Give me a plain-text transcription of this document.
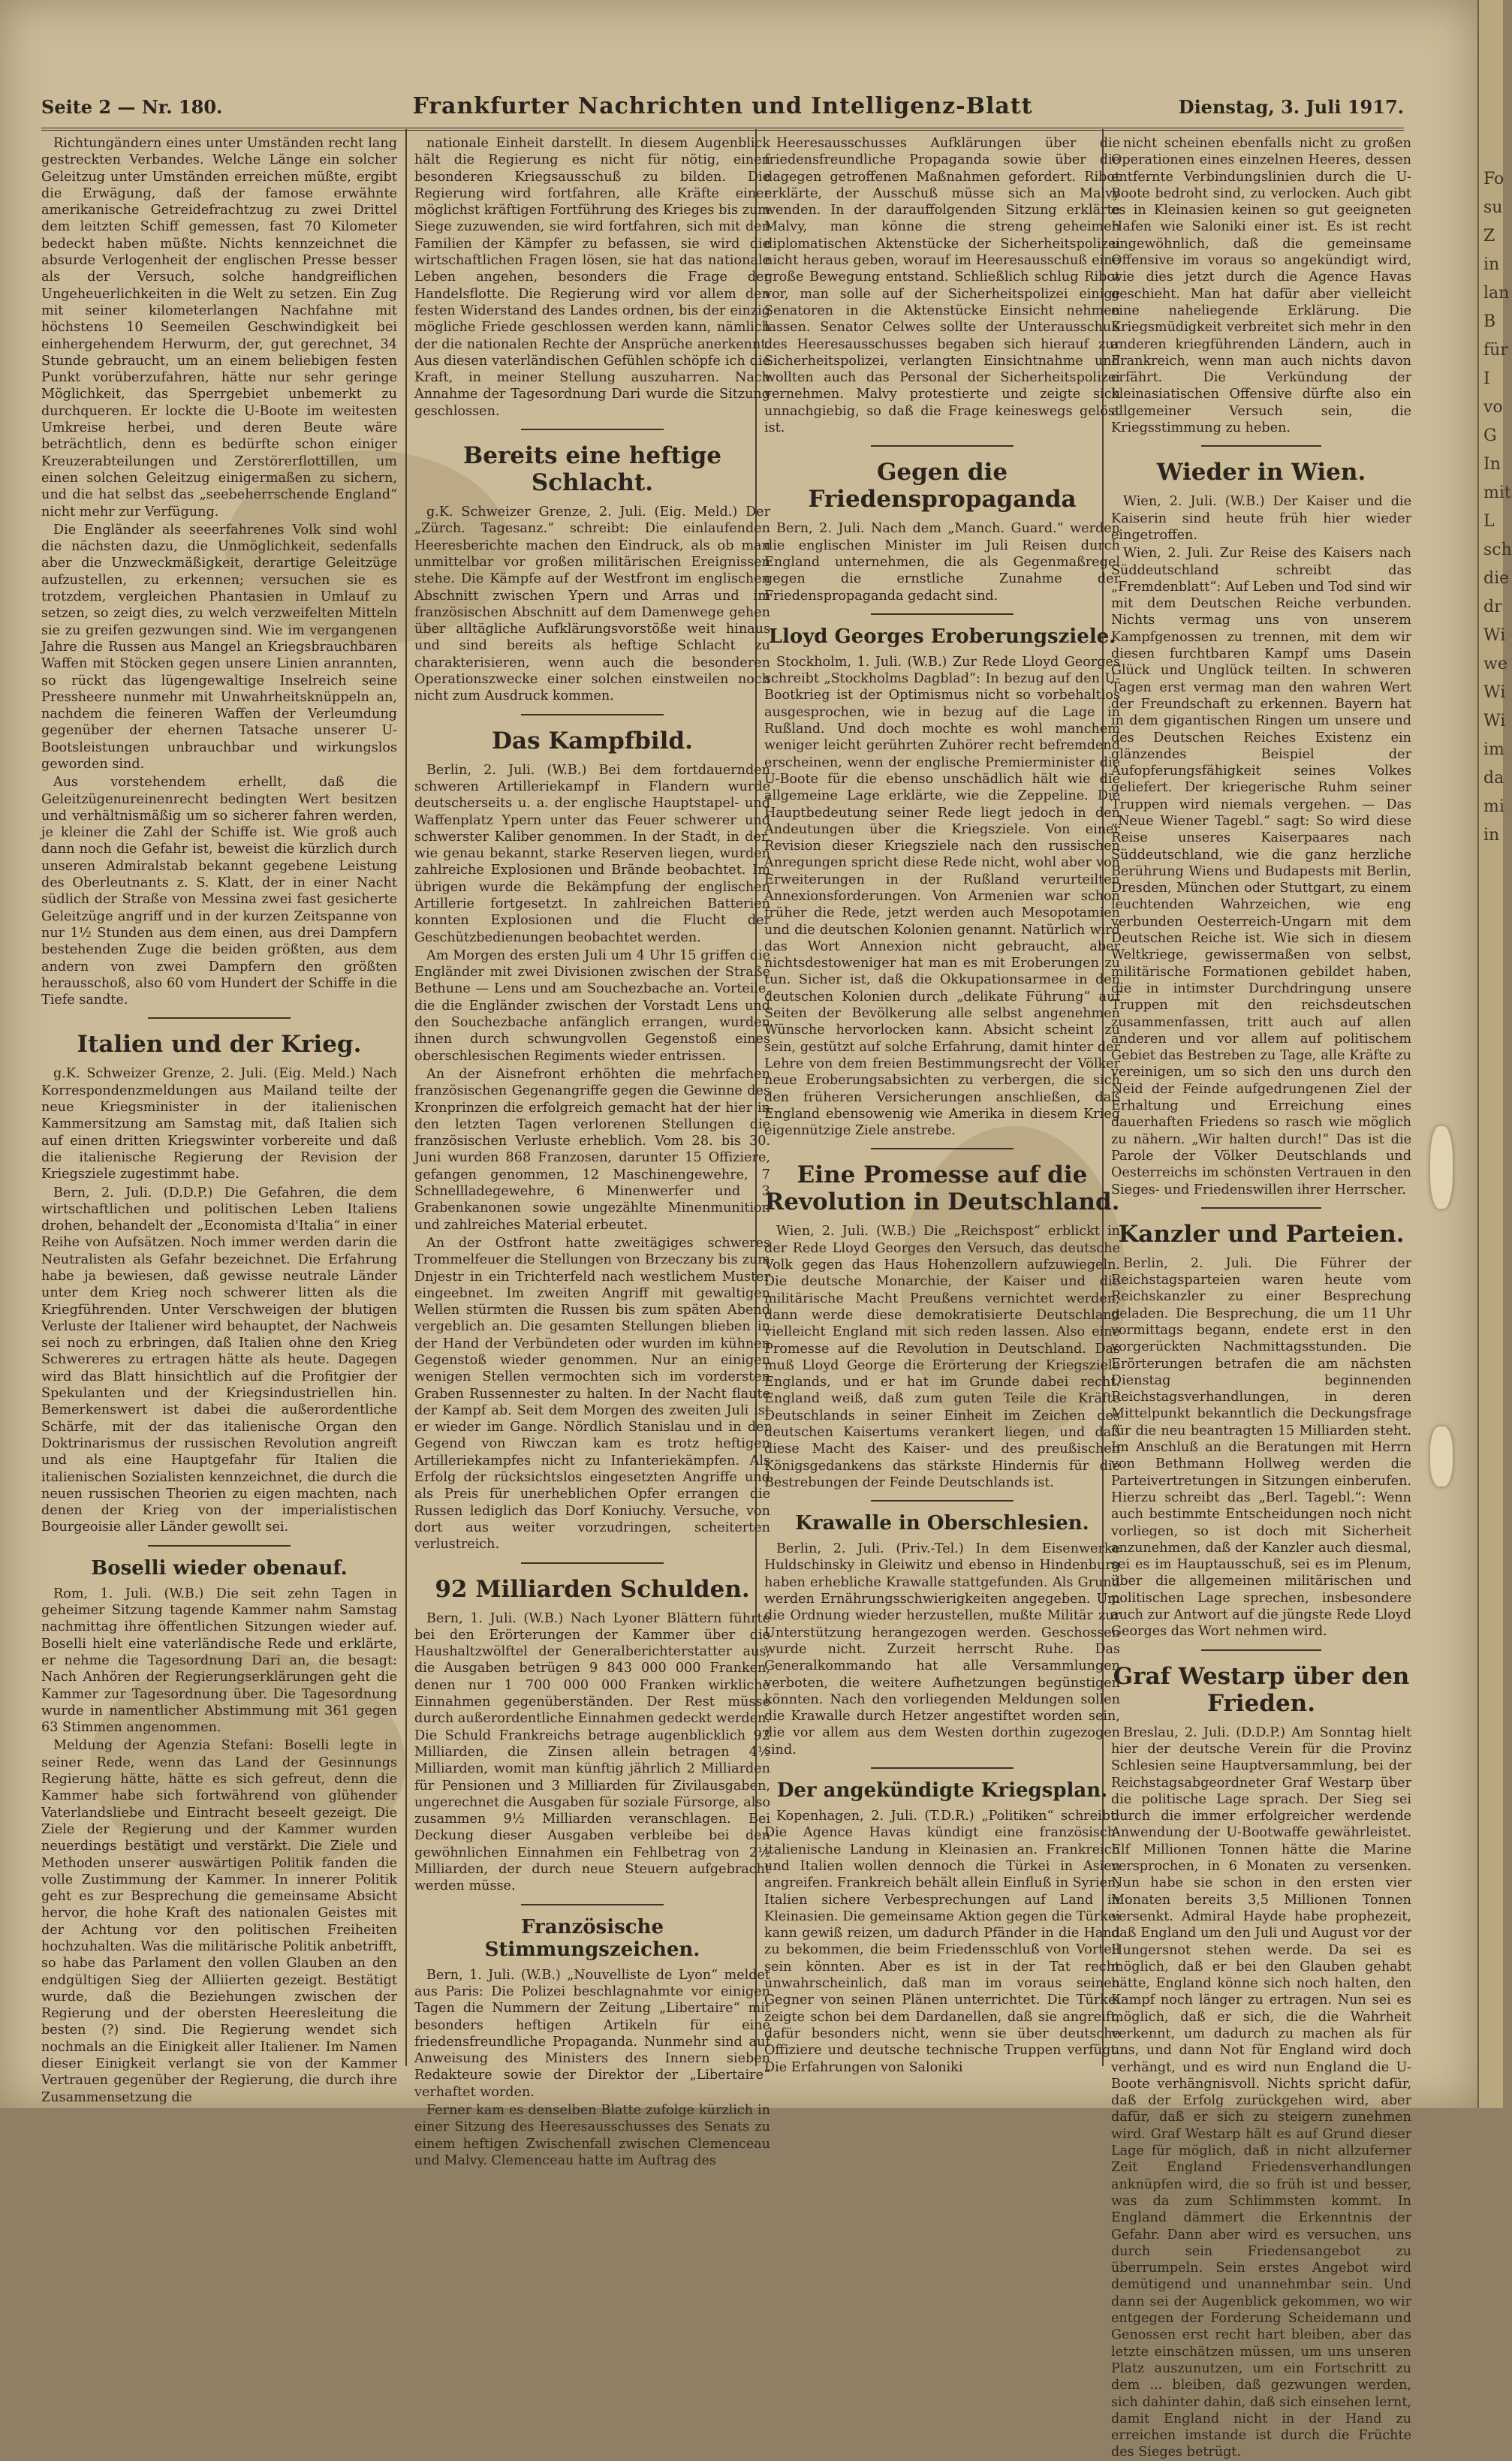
Seite 2 — Nr. 180.	Frankfurter Nachrichten und Intelligenz-Blatt	Dienstag, 3. Juli 1917.

Richtungändern eines unter Umständen recht lang gestreckten Verbandes. Welche Länge ein solcher Geleitzug unter Umständen erreichen müßte, ergibt die Erwägung, daß der famose erwähnte amerikanische Getreidefrachtzug zu zwei Drittel dem leitzten Schiff gemessen, fast 70 Kilometer bedeckt haben müßte. Nichts kennzeichnet die absurde Verlogenheit der englischen Presse besser als der Versuch, solche handgreiflichen Ungeheuerlichkeiten in die Welt zu setzen. Ein Zug mit seiner kilometerlangen Nachfahne mit höchstens 10 Seemeilen Geschwindigkeit bei einhergehendem Herwurm, der, gut gerechnet, 34 Stunde gebraucht, um an einem beliebigen festen Punkt vorüberzufahren, hätte nur sehr geringe Möglichkeit, das Sperrgebiet unbemerkt zu durchqueren. Er lockte die U-Boote im weitesten Umkreise herbei, und deren Beute wäre beträchtlich, denn es bedürfte schon einiger Kreuzerabteilungen und Zerstörerflottillen, um einen solchen Geleitzug einigermaßen zu sichern, und die hat selbst das „seebeherrschende England“ nicht mehr zur Verfügung.

Die Engländer als seeerfahrenes Volk sind wohl die nächsten dazu, die Unmöglichkeit, sedenfalls aber die Unzweckmäßigkeit, derartige Geleitzüge aufzustellen, zu erkennen; versuchen sie es trotzdem, vergleichen Phantasien in Umlauf zu setzen, so zeigt dies, zu welch verzweifelten Mitteln sie zu greifen gezwungen sind. Wie im vergangenen Jahre die Russen aus Mangel an Kriegsbrauchbaren Waffen mit Stöcken gegen unsere Linien anrannten, so rückt das lügengewaltige Inselreich seine Pressheere nunmehr mit Unwahrheitsknüppeln an, nachdem die feineren Waffen der Verleumdung gegenüber der ehernen Tatsache unserer U-Bootsleistungen unbrauchbar und wirkungslos geworden sind.

Aus vorstehendem erhellt, daß die Geleitzügenureinenrecht bedingten Wert besitzen und verhältnismäßig um so sicherer fahren werden, je kleiner die Zahl der Schiffe ist. Wie groß auch dann noch die Gefahr ist, beweist die kürzlich durch unseren Admiralstab bekannt gegebene Leistung des Oberleutnants z. S. Klatt, der in einer Nacht südlich der Straße von Messina zwei fast gesicherte Geleitzüge angriff und in der kurzen Zeitspanne von nur 1½ Stunden aus dem einen, aus drei Dampfern bestehenden Zuge die beiden größten, aus dem andern von zwei Dampfern den größten herausschoß, also 60 vom Hundert der Schiffe in die Tiefe sandte.

Italien und der Krieg.

g.K. Schweizer Grenze, 2. Juli. (Eig. Meld.) Nach Korrespondenzmeldungen aus Mailand teilte der neue Kriegsminister in der italienischen Kammersitzung am Samstag mit, daß Italien sich auf einen dritten Kriegswinter vorbereite und daß die italienische Regierung der Revision der Kriegsziele zugestimmt habe.

Bern, 2. Juli. (D.D.P.) Die Gefahren, die dem wirtschaftlichen und politischen Leben Italiens drohen, behandelt der „Economista d'Italia“ in einer Reihe von Aufsätzen. Noch immer werden darin die Neutralisten als Gefahr bezeichnet. Die Erfahrung habe ja bewiesen, daß gewisse neutrale Länder unter dem Krieg noch schwerer litten als die Kriegführenden. Unter Verschweigen der blutigen Verluste der Italiener wird behauptet, der Nachweis sei noch zu erbringen, daß Italien ohne den Krieg Schwereres zu ertragen hätte als heute. Dagegen wird das Blatt hinsichtlich auf die Profitgier der Spekulanten und der Kriegsindustriellen hin. Bemerkenswert ist dabei die außerordentliche Schärfe, mit der das italienische Organ den Doktrinarismus der russischen Revolution angreift und als eine Hauptgefahr für Italien die italienischen Sozialisten kennzeichnet, die durch die neuen russischen Theorien zu eigen machten, nach denen der Krieg von der imperialistischen Bourgeoisie aller Länder gewollt sei.

Boselli wieder obenauf.

Rom, 1. Juli. (W.B.) Die seit zehn Tagen in geheimer Sitzung tagende Kammer nahm Samstag nachmittag ihre öffentlichen Sitzungen wieder auf. Boselli hielt eine vaterländische Rede und erklärte, er nehme die Tagesordnung Dari an, die besagt: Nach Anhören der Regierungserklärungen geht die Kammer zur Tagesordnung über. Die Tagesordnung wurde in namentlicher Abstimmung mit 361 gegen 63 Stimmen angenommen.

Meldung der Agenzia Stefani: Boselli legte in seiner Rede, wenn das Land der Gesinnungs Regierung hätte, hätte es sich gefreut, denn die Kammer habe sich fortwährend von glühender Vaterlandsliebe und Eintracht beseelt gezeigt. Die Ziele der Regierung und der Kammer wurden neuerdings bestätigt und verstärkt. Die Ziele und Methoden unserer auswärtigen Politik fanden die volle Zustimmung der Kammer. In innerer Politik geht es zur Besprechung die gemeinsame Absicht hervor, die hohe Kraft des nationalen Geistes mit der Achtung vor den politischen Freiheiten hochzuhalten. Was die militärische Politik anbetrifft, so habe das Parlament den vollen Glauben an den endgültigen Sieg der Alliierten gezeigt. Bestätigt wurde, daß die Beziehungen zwischen der Regierung und der obersten Heeresleitung die besten (?) sind. Die Regierung wendet sich nochmals an die Einigkeit aller Italiener. Im Namen dieser Einigkeit verlangt sie von der Kammer Vertrauen gegenüber der Regierung, die durch ihre Zusammensetzung die

nationale Einheit darstellt. In diesem Augenblick hält die Regierung es nicht für nötig, einen besonderen Kriegsausschuß zu bilden. Die Regierung wird fortfahren, alle Kräfte einer möglichst kräftigen Fortführung des Krieges bis zum Siege zuzuwenden, sie wird fortfahren, sich mit den Familien der Kämpfer zu befassen, sie wird die wirtschaftlichen Fragen lösen, sie hat das nationale Leben angehen, besonders die Frage der Handelsflotte. Die Regierung wird vor allem den festen Widerstand des Landes ordnen, bis der einzig mögliche Friede geschlossen werden kann, nämlich der die nationalen Rechte der Ansprüche anerkennt. Aus diesen vaterländischen Gefühlen schöpfe ich die Kraft, in meiner Stellung auszuharren. Nach Annahme der Tagesordnung Dari wurde die Sitzung geschlossen.

Bereits eine heftige Schlacht.

g.K. Schweizer Grenze, 2. Juli. (Eig. Meld.) Der „Zürch. Tagesanz.“ schreibt: Die einlaufenden Heeresberichte machen den Eindruck, als ob man unmittelbar vor großen militärischen Ereignissen stehe. Die Kämpfe auf der Westfront im englischen Abschnitt zwischen Ypern und Arras und im französischen Abschnitt auf dem Damenwege gehen über alltägliche Aufklärungsvorstöße weit hinaus und sind bereits als heftige Schlacht zu charakterisieren, wenn auch die besonderen Operationszwecke einer solchen einstweilen noch nicht zum Ausdruck kommen.

Das Kampfbild.

Berlin, 2. Juli. (W.B.) Bei dem fortdauernden schweren Artilleriekampf in Flandern wurde deutscherseits u. a. der englische Hauptstapel- und Waffenplatz Ypern unter das Feuer schwerer und schwerster Kaliber genommen. In der Stadt, in der, wie genau bekannt, starke Reserven liegen, wurden zahlreiche Explosionen und Brände beobachtet. Im übrigen wurde die Bekämpfung der englischen Artillerie fortgesetzt. In zahlreichen Batterien konnten Explosionen und die Flucht der Geschützbedienungen beobachtet werden.

Am Morgen des ersten Juli um 4 Uhr 15 griffen die Engländer mit zwei Divisionen zwischen der Straße Bethune — Lens und am Souchezbache an. Vorteile, die die Engländer zwischen der Vorstadt Lens und den Souchezbache anfänglich errangen, wurden ihnen durch schwungvollen Gegenstoß eines oberschlesischen Regiments wieder entrissen.

An der Aisnefront erhöhten die mehrfachen französischen Gegenangriffe gegen die Gewinne des Kronprinzen die erfolgreich gemacht hat der hier in den letzten Tagen verlorenen Stellungen die französischen Verluste erheblich. Vom 28. bis 30. Juni wurden 868 Franzosen, darunter 15 Offiziere, gefangen genommen, 12 Maschinengewehre, 7 Schnellladegewehre, 6 Minenwerfer und 3 Grabenkanonen sowie ungezählte Minenmunition und zahlreiches Material erbeutet.

An der Ostfront hatte zweitägiges schweres Trommelfeuer die Stellungen von Brzeczany bis zum Dnjestr in ein Trichterfeld nach westlichem Muster eingeebnet. Im zweiten Angriff mit gewaltigen Wellen stürmten die Russen bis zum späten Abend vergeblich an. Die gesamten Stellungen blieben in der Hand der Verbündeten oder wurden im kühnen Gegenstoß wieder genommen. Nur an einigen wenigen Stellen vermochten sich im vordersten Graben Russennester zu halten. In der Nacht flaute der Kampf ab. Seit dem Morgen des zweiten Juli ist er wieder im Gange. Nördlich Stanislau und in der Gegend von Riwczan kam es trotz heftigen Artilleriekampfes nicht zu Infanteriekämpfen. Als Erfolg der rücksichtslos eingesetzten Angriffe und als Preis für unerheblichen Opfer errangen die Russen lediglich das Dorf Koniuchy. Versuche, von dort aus weiter vorzudringen, scheiterten verlustreich.

92 Milliarden Schulden.

Bern, 1. Juli. (W.B.) Nach Lyoner Blättern führte bei den Erörterungen der Kammer über die Haushaltzwölftel der Generalberichterstatter aus, die Ausgaben betrügen 9 843 000 000 Franken, denen nur 1 700 000 000 Franken wirkliche Einnahmen gegenüberständen. Der Rest müsse durch außerordentliche Einnahmen gedeckt werden. Die Schuld Frankreichs betrage augenblicklich 92 Milliarden, die Zinsen allein betragen 4½ Milliarden, womit man künftig jährlich 2 Milliarden für Pensionen und 3 Milliarden für Zivilausgaben, ungerechnet die Ausgaben für soziale Fürsorge, also zusammen 9½ Milliarden veranschlagen. Bei Deckung dieser Ausgaben verbleibe bei den gewöhnlichen Einnahmen ein Fehlbetrag von 2½ Milliarden, der durch neue Steuern aufgebracht werden müsse.

Französische Stimmungszeichen.

Bern, 1. Juli. (W.B.) „Nouvelliste de Lyon“ meldet aus Paris: Die Polizei beschlagnahmte vor einigen Tagen die Nummern der Zeitung „Libertaire“ mit besonders heftigen Artikeln für eine friedensfreundliche Propaganda. Nunmehr sind auf Anweisung des Ministers des Innern sieben Redakteure sowie der Direktor der „Libertaire“ verhaftet worden.

Ferner kam es denselben Blatte zufolge kürzlich in einer Sitzung des Heeresausschusses des Senats zu einem heftigen Zwischenfall zwischen Clemenceau und Malvy. Clemenceau hatte im Auftrag des

Heeresausschusses Aufklärungen über die friedensfreundliche Propaganda sowie über die dagegen getroffenen Maßnahmen gefordert. Ribot erklärte, der Ausschuß müsse sich an Malvy wenden. In der darauffolgenden Sitzung erklärte Malvy, man könne die streng geheimen diplomatischen Aktenstücke der Sicherheitspolizei nicht heraus geben, worauf im Heeresausschuß eine große Bewegung entstand. Schließlich schlug Ribot vor, man solle auf der Sicherheitspolizei einige Senatoren in die Aktenstücke Einsicht nehmen lassen. Senator Celwes sollte der Unterausschuß des Heeresausschusses begaben sich hierauf zur Sicherheitspolizei, verlangten Einsichtnahme und wollten auch das Personal der Sicherheitspolizei vernehmen. Malvy protestierte und zeigte sich unnachgiebig, so daß die Frage keineswegs gelöst ist.

Gegen die Friedenspropaganda

Bern, 2. Juli. Nach dem „Manch. Guard.“ werden die englischen Minister im Juli Reisen durch England unternehmen, die als Gegenmaßregel gegen die ernstliche Zunahme der Friedenspropaganda gedacht sind.

Lloyd Georges Eroberungsziele.

Stockholm, 1. Juli. (W.B.) Zur Rede Lloyd Georges schreibt „Stockholms Dagblad“: In bezug auf den U-Bootkrieg ist der Optimismus nicht so vorbehaltlos ausgesprochen, wie in bezug auf die Lage in Rußland. Und doch mochte es wohl manchem weniger leicht gerührten Zuhörer recht befremdend erscheinen, wenn der englische Premierminister die U-Boote für die ebenso unschädlich hält wie die allgemeine Lage erklärte, wie die Zeppeline. Die Hauptbedeutung seiner Rede liegt jedoch in den Andeutungen über die Kriegsziele. Von einer Revision dieser Kriegsziele nach den russischen Anregungen spricht diese Rede nicht, wohl aber von Erweiterungen in der Rußland verurteilten Annexionsforderungen. Von Armenien war schon früher die Rede, jetzt werden auch Mesopotamien und die deutschen Kolonien genannt. Natürlich wird das Wort Annexion nicht gebraucht, aber nichtsdestoweniger hat man es mit Eroberungen zu tun. Sicher ist, daß die Okkupationsarmee in den deutschen Kolonien durch „delikate Führung“ auf Seiten der Bevölkerung alle selbst angenehmen Wünsche hervorlocken kann. Absicht scheint zu sein, gestützt auf solche Erfahrung, damit hinter der Lehre von dem freien Bestimmungsrecht der Völker neue Eroberungsabsichten zu verbergen, die sich den früheren Versicherungen anschließen, daß England ebensowenig wie Amerika in diesem Krieg eigennützige Ziele anstrebe.

Eine Promesse auf die Revolution in Deutschland.

Wien, 2. Juli. (W.B.) Die „Reichspost“ erblickt in der Rede Lloyd Georges den Versuch, das deutsche Volk gegen das Haus Hohenzollern aufzuwiegeln. Die deutsche Monarchie, der Kaiser und die militärische Macht Preußens vernichtet werden; dann werde diese demokratisierte Deutschland vielleicht England mit sich reden lassen. Also eine Promesse auf die Revolution in Deutschland. Das muß Lloyd George die Erörterung der Kriegsziele Englands, und er hat im Grunde dabei recht. England weiß, daß zum guten Teile die Kräfte Deutschlands in seiner Einheit im Zeichen des deutschen Kaisertums verankert liegen, und daß diese Macht des Kaiser- und des preußischen Königsgedankens das stärkste Hindernis für die Bestrebungen der Feinde Deutschlands ist.

Krawalle in Oberschlesien.

Berlin, 2. Juli. (Priv.-Tel.) In dem Eisenwerke Huldschinsky in Gleiwitz und ebenso in Hindenburg haben erhebliche Krawalle stattgefunden. Als Grund werden Ernährungsschwierigkeiten angegeben. Um die Ordnung wieder herzustellen, mußte Militär zur Unterstützung herangezogen werden. Geschossen wurde nicht. Zurzeit herrscht Ruhe. Das Generalkommando hat alle Versammlungen verboten, die weitere Aufhetzungen begünstigen könnten. Nach den vorliegenden Meldungen sollen die Krawalle durch Hetzer angestiftet worden sein, die vor allem aus dem Westen dorthin zugezogen sind.

Der angekündigte Kriegsplan.

Kopenhagen, 2. Juli. (T.D.R.) „Politiken“ schreibt: Die Agence Havas kündigt eine französisch-italienische Landung in Kleinasien an. Frankreich und Italien wollen dennoch die Türkei in Asien angreifen. Frankreich behält allein Einfluß in Syrien, Italien sichere Verbesprechungen auf Land in Kleinasien. Die gemeinsame Aktion gegen die Türkei kann gewiß reizen, um dadurch Pfänder in die Hand zu bekommen, die beim Friedensschluß von Vorteil sein könnten. Aber es ist in der Tat recht unwahrscheinlich, daß man im voraus seinen Gegner von seinen Plänen unterrichtet. Die Türkei zeigte schon bei dem Dardanellen, daß sie angreift, dafür besonders nicht, wenn sie über deutsche Offiziere und deutsche technische Truppen verfügt. Die Erfahrungen von Saloniki

nicht scheinen ebenfalls nicht zu großen Operationen eines einzelnen Heeres, dessen entfernte Verbindungslinien durch die U-Boote bedroht sind, zu verlocken. Auch gibt es in Kleinasien keinen so gut geeigneten Hafen wie Saloniki einer ist. Es ist recht ungewöhnlich, daß die gemeinsame Offensive im voraus so angekündigt wird, wie dies jetzt durch die Agence Havas geschieht. Man hat dafür aber vielleicht eine naheliegende Erklärung. Die Kriegsmüdigkeit verbreitet sich mehr in den anderen kriegführenden Ländern, auch in Frankreich, wenn man auch nichts davon erfährt. Die Verkündung der kleinasiatischen Offensive dürfte also ein allgemeiner Versuch sein, die Kriegsstimmung zu heben.

Wieder in Wien.

Wien, 2. Juli. (W.B.) Der Kaiser und die Kaiserin sind heute früh hier wieder eingetroffen.

Wien, 2. Juli. Zur Reise des Kaisers nach Süddeutschland schreibt das „Fremdenblatt“: Auf Leben und Tod sind wir mit dem Deutschen Reiche verbunden. Nichts vermag uns von unserem Kampfgenossen zu trennen, mit dem wir diesen furchtbaren Kampf ums Dasein Glück und Unglück teilten. In schweren Tagen erst vermag man den wahren Wert der Freundschaft zu erkennen. Bayern hat in dem gigantischen Ringen um unsere und des Deutschen Reiches Existenz ein glänzendes Beispiel der Aufopferungsfähigkeit seines Volkes geliefert. Der kriegerische Ruhm seiner Truppen wird niemals vergehen. — Das „Neue Wiener Tagebl.“ sagt: So wird diese Reise unseres Kaiserpaares nach Süddeutschland, wie die ganz herzliche Berührung Wiens und Budapests mit Berlin, Dresden, München oder Stuttgart, zu einem leuchtenden Wahrzeichen, wie eng verbunden Oesterreich-Ungarn mit dem Deutschen Reiche ist. Wie sich in diesem Weltkriege, gewissermaßen von selbst, militärische Formationen gebildet haben, die in intimster Durchdringung unsere Truppen mit den reichsdeutschen zusammenfassen, tritt auch auf allen anderen und vor allem auf politischem Gebiet das Bestreben zu Tage, alle Kräfte zu vereinigen, um so sich den uns durch den Neid der Feinde aufgedrungenen Ziel der Erhaltung und Erreichung eines dauerhaften Friedens so rasch wie möglich zu nähern. „Wir halten durch!“ Das ist die Parole der Völker Deutschlands und Oesterreichs im schönsten Vertrauen in den Sieges- und Friedenswillen ihrer Herrscher.

Kanzler und Parteien.

Berlin, 2. Juli. Die Führer der Reichstagsparteien waren heute vom Reichskanzler zu einer Besprechung geladen. Die Besprechung, die um 11 Uhr vormittags begann, endete erst in den vorgerückten Nachmittagsstunden. Die Erörterungen betrafen die am nächsten Dienstag beginnenden Reichstagsverhandlungen, in deren Mittelpunkt bekanntlich die Deckungsfrage für die neu beantragten 15 Milliarden steht. Im Anschluß an die Beratungen mit Herrn von Bethmann Hollweg werden die Parteivertretungen in Sitzungen einberufen. Hierzu schreibt das „Berl. Tagebl.“: Wenn auch bestimmte Entscheidungen noch nicht vorliegen, so ist doch mit Sicherheit anzunehmen, daß der Kanzler auch diesmal, sei es im Hauptausschuß, sei es im Plenum, über die allgemeinen militärischen und politischen Lage sprechen, insbesondere auch zur Antwort auf die jüngste Rede Lloyd Georges das Wort nehmen wird.

Graf Westarp über den Frieden.

Breslau, 2. Juli. (D.D.P.) Am Sonntag hielt hier der deutsche Verein für die Provinz Schlesien seine Hauptversammlung, bei der Reichstagsabgeordneter Graf Westarp über die politische Lage sprach. Der Sieg sei durch die immer erfolgreicher werdende Anwendung der U-Bootwaffe gewährleistet. Elf Millionen Tonnen hätte die Marine versprochen, in 6 Monaten zu versenken. Nun habe sie schon in den ersten vier Monaten bereits 3,5 Millionen Tonnen versenkt. Admiral Hayde habe prophezeit, daß England um den Juli und August vor der Hungersnot stehen werde. Da sei es möglich, daß er bei den Glauben gehabt hätte, England könne sich noch halten, den Kampf noch länger zu ertragen. Nun sei es möglich, daß er sich, die die Wahrheit verkennt, um dadurch zu machen als für uns, und dann Not für England wird doch verhängt, und es wird nun England die U-Boote verhängnisvoll. Nichts spricht dafür, daß der Erfolg zurückgehen wird, aber dafür, daß er sich zu steigern zunehmen wird. Graf Westarp hält es auf Grund dieser Lage für möglich, daß in nicht allzuferner Zeit England Friedensverhandlungen anknüpfen wird, die so früh ist und besser, was da zum Schlimmsten kommt. In England dämmert die Erkenntnis der Gefahr. Dann aber wird es versuchen, uns durch sein Friedensangebot zu überrumpeln. Sein erstes Angebot wird demütigend und unannehmbar sein. Und dann sei der Augenblick gekommen, wo wir entgegen der Forderung Scheidemann und Genossen erst recht hart bleiben, aber das letzte einschätzen müssen, um uns unseren Platz auszunutzen, um ein Fortschritt zu dem ... bleiben, daß gezwungen werden, sich dahinter dahin, daß sich einsehen lernt, damit England nicht in der Hand zu erreichen imstande ist durch die Früchte des Sieges betrügt.

Fo
su
Z
in
lan
B
für
I
vo
G
In
mit
L
sch
die
dr
Wi
we
Wi
Wi
im
da
mi
in
